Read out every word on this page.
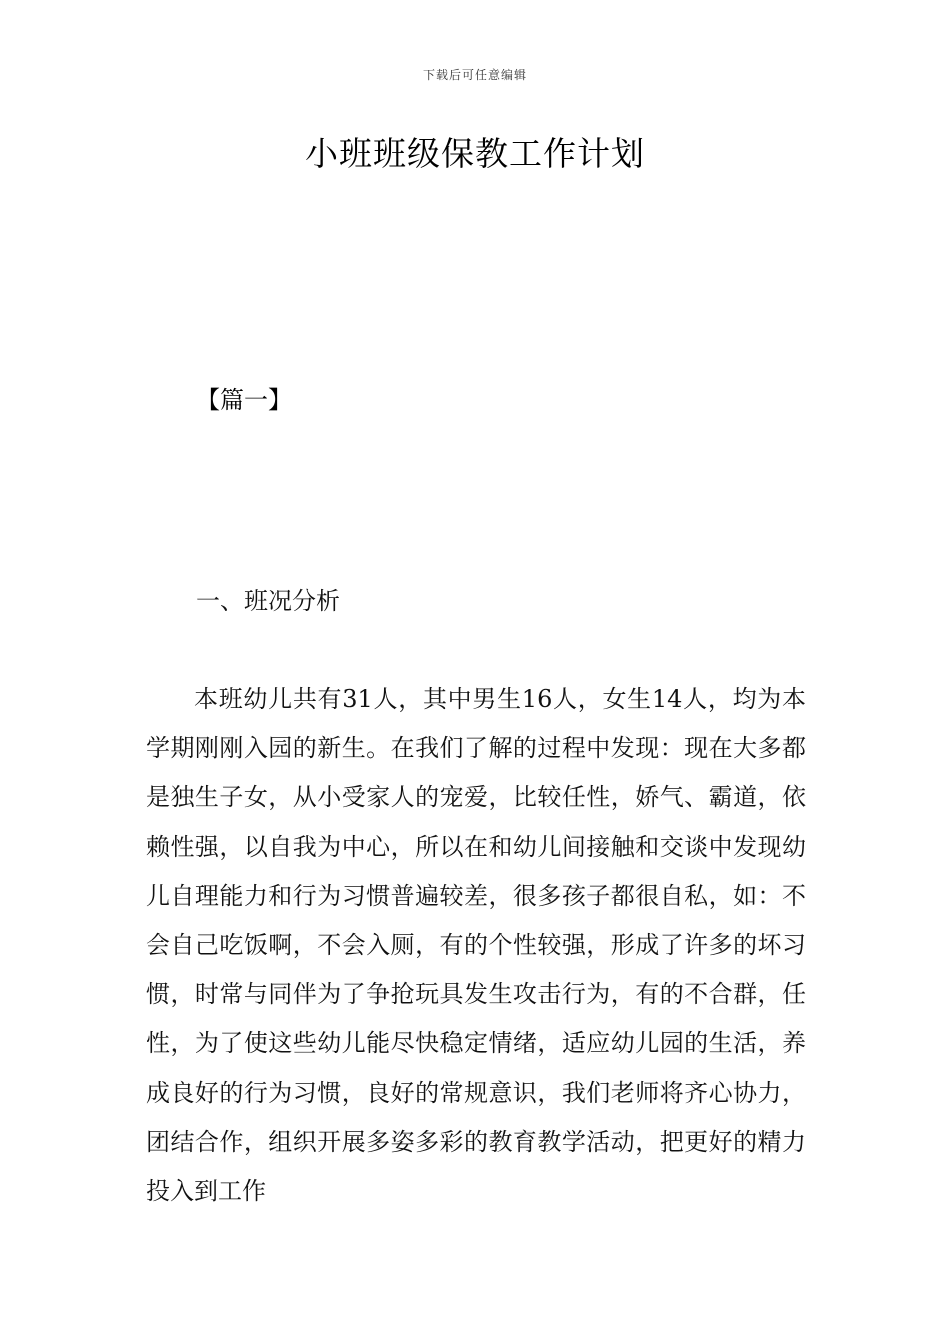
下载后可任意编辑
小班班级保教工作计划
【篇一】
一、班况分析

本班幼儿共有31人，其中男生16人，女生14人，均为本学期刚刚入园的新生。在我们了解的过程中发现：现在大多都是独生子女，从小受家人的宠爱，比较任性，娇气、霸道，依赖性强，以自我为中心，所以在和幼儿间接触和交谈中发现幼儿自理能力和行为习惯普遍较差，很多孩子都很自私，如：不会自己吃饭啊，不会入厕，有的个性较强，形成了许多的坏习惯，时常与同伴为了争抢玩具发生攻击行为，有的不合群，任性，为了使这些幼儿能尽快稳定情绪，适应幼儿园的生活，养成良好的行为习惯，良好的常规意识，我们老师将齐心协力，团结合作，组织开展多姿多彩的教育教学活动，把更好的精力投入到工作
